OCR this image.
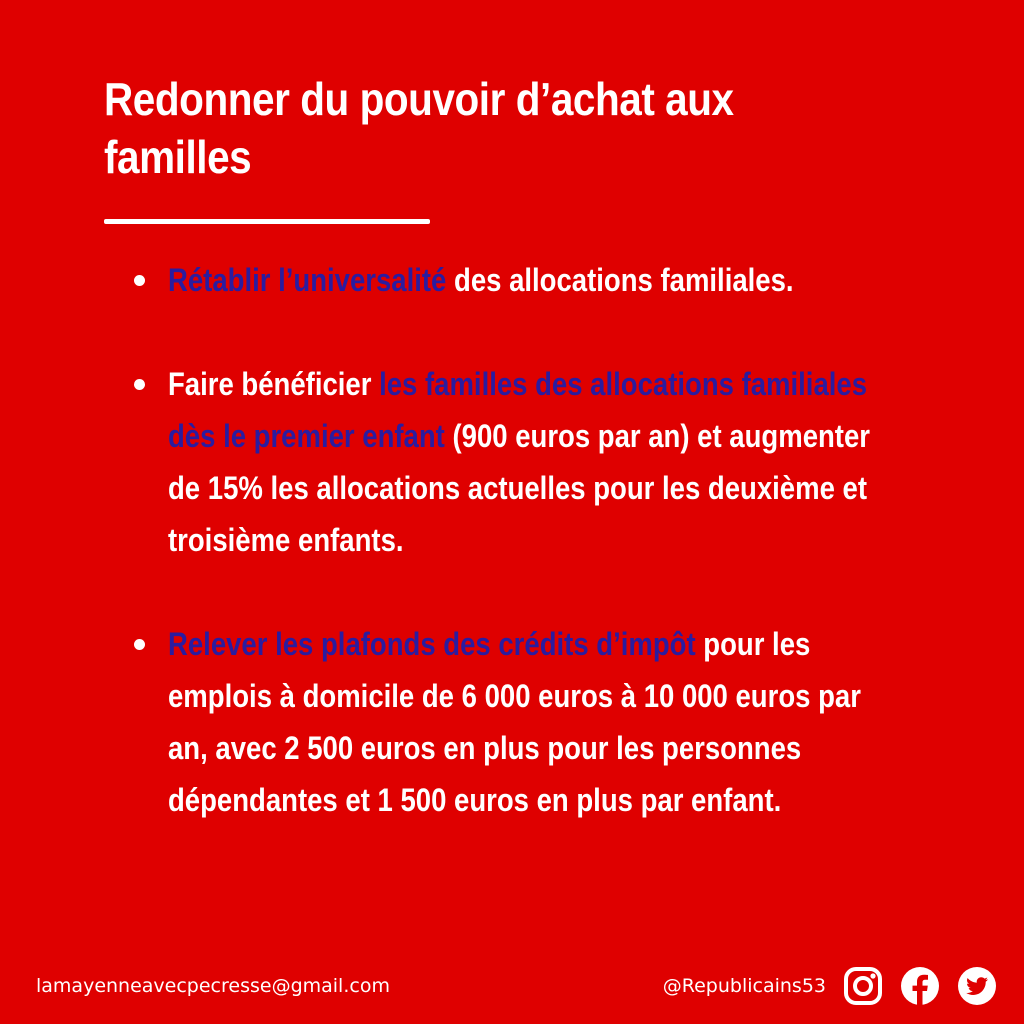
Redonner du pouvoir d’achat aux familles
Rétablir l’universalité des allocations familiales.
Faire bénéficier les familles des allocations familiales dès le premier enfant (900 euros par an) et augmenter de 15% les allocations actuelles pour les deuxième et troisième enfants.
Relever les plafonds des crédits d’impôt pour les emplois à domicile de 6 000 euros à 10 000 euros par an, avec 2 500 euros en plus pour les personnes dépendantes et 1 500 euros en plus par enfant.
lamayenneavecpecresse@gmail.com	@Republicains53
